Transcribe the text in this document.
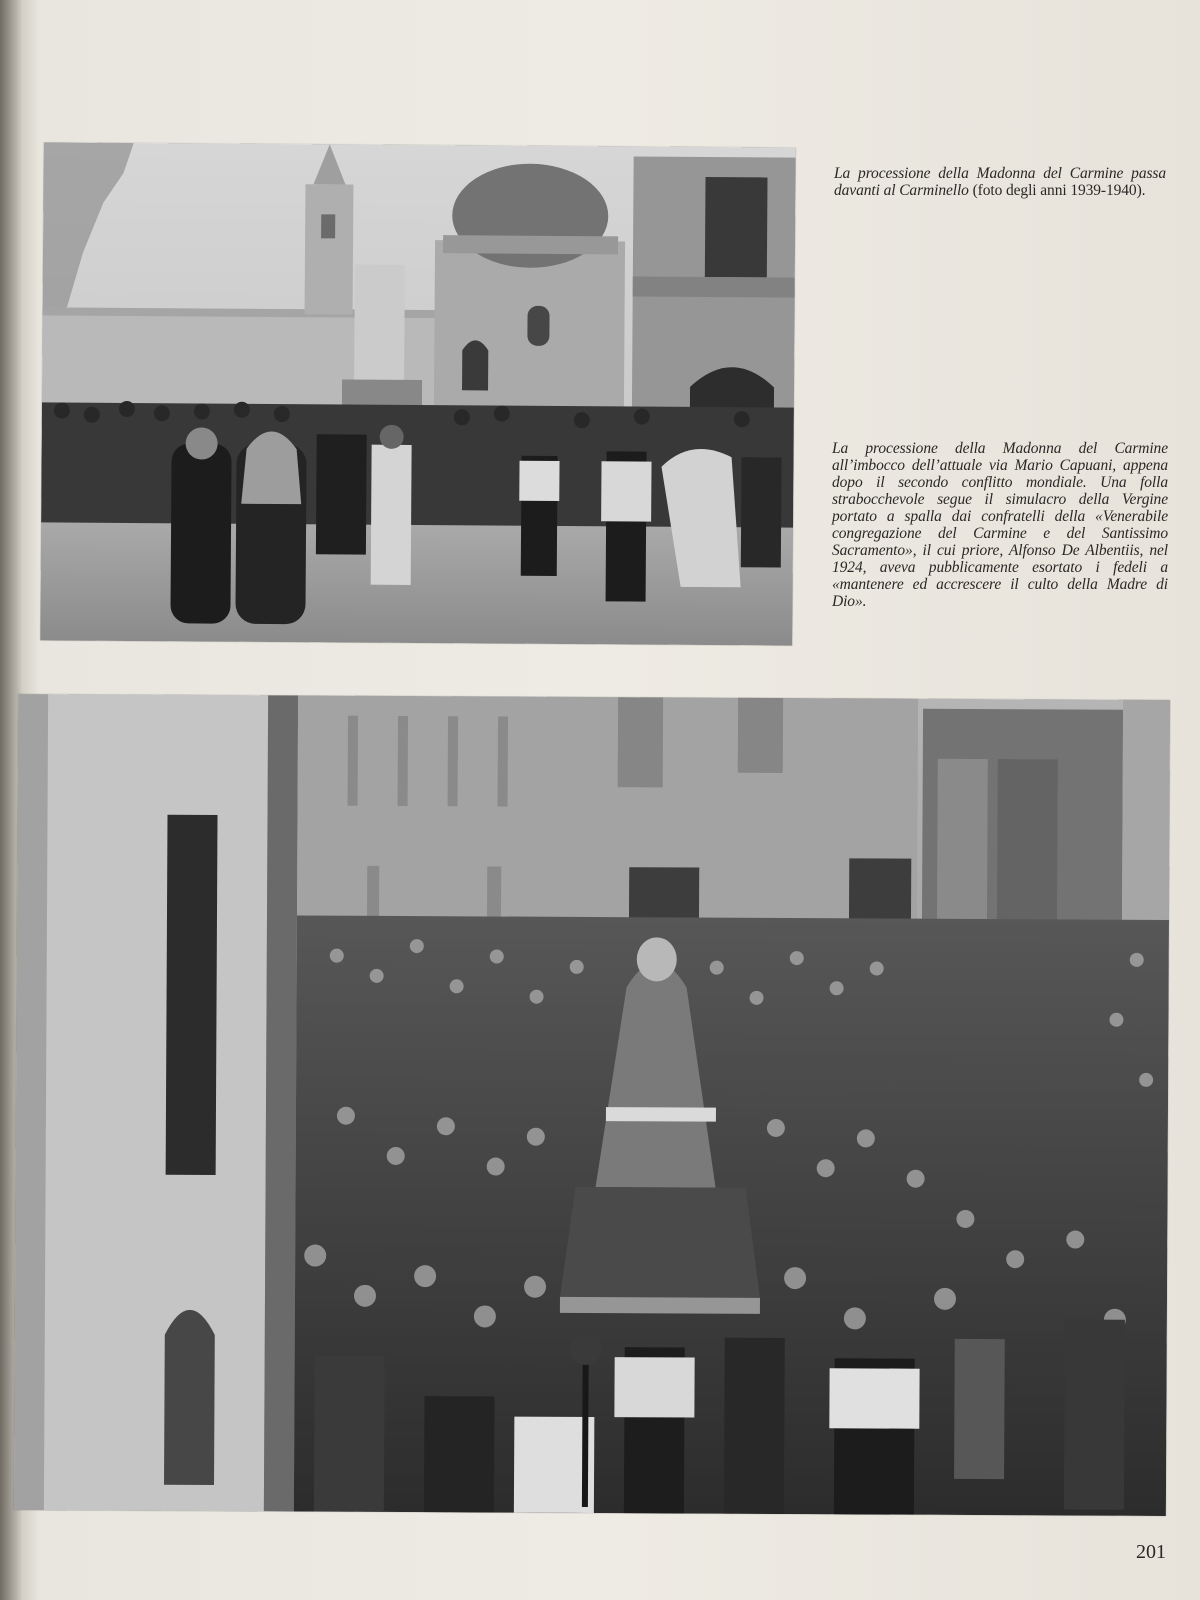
La processione della Madonna del Carmine passa davanti al Carminello (foto degli anni 1939-1940).
La processione della Madonna del Carmine all’imbocco dell’attuale via Mario Capuani, appena dopo il secondo conflitto mondiale. Una folla strabocchevole segue il simulacro della Vergine portato a spalla dai confratelli della «Venerabile congregazione del Carmine e del Santissimo Sacramento», il cui priore, Alfonso De Albentiis, nel 1924, aveva pubblicamente esortato i fedeli a «mantenere ed accrescere il culto della Madre di Dio».
201
